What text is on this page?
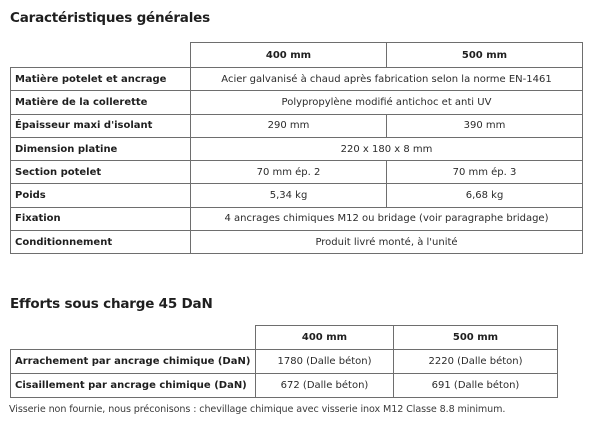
Caractéristiques générales
	400 mm	500 mm
Matière potelet et ancrage	Acier galvanisé à chaud après fabrication selon la norme EN-1461	
Matière de la collerette	Polypropylène modifié antichoc et anti UV	
Épaisseur maxi d'isolant	290 mm	390 mm
Dimension platine	220 x 180 x 8 mm	
Section potelet	70 mm ép. 2	70 mm ép. 3
Poids	5,34 kg	6,68 kg
Fixation	4 ancrages chimiques M12 ou bridage (voir paragraphe bridage)	
Conditionnement	Produit livré monté, à l'unité	
Efforts sous charge 45 DaN
	400 mm	500 mm
Arrachement par ancrage chimique (DaN)	1780 (Dalle béton)	2220 (Dalle béton)
Cisaillement par ancrage chimique (DaN)	672 (Dalle béton)	691 (Dalle béton)
Visserie non fournie, nous préconisons : chevillage chimique avec visserie inox M12 Classe 8.8 minimum.
